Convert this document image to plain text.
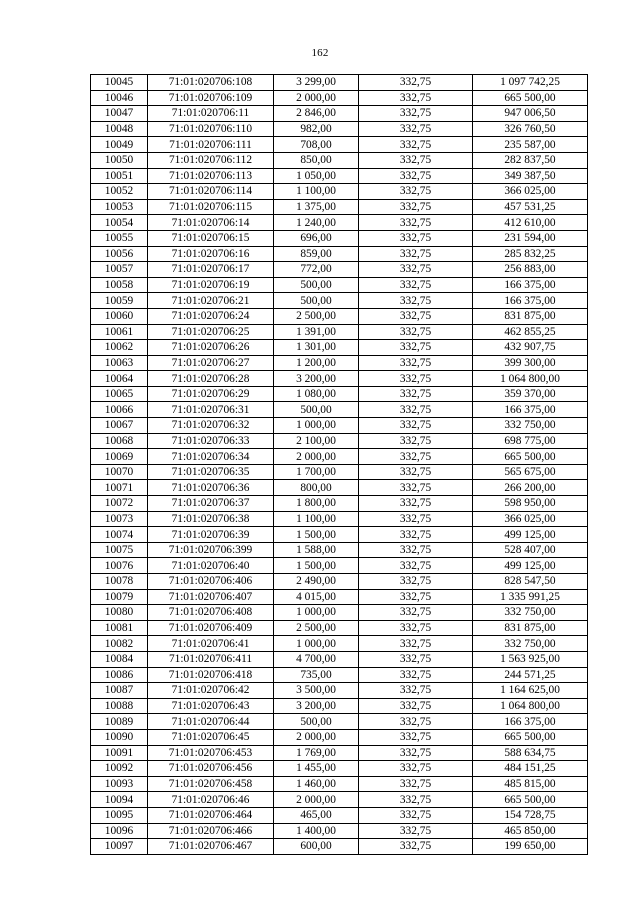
162
10045	71:01:020706:108	3 299,00	332,75	1 097 742,25
10046	71:01:020706:109	2 000,00	332,75	665 500,00
10047	71:01:020706:11	2 846,00	332,75	947 006,50
10048	71:01:020706:110	982,00	332,75	326 760,50
10049	71:01:020706:111	708,00	332,75	235 587,00
10050	71:01:020706:112	850,00	332,75	282 837,50
10051	71:01:020706:113	1 050,00	332,75	349 387,50
10052	71:01:020706:114	1 100,00	332,75	366 025,00
10053	71:01:020706:115	1 375,00	332,75	457 531,25
10054	71:01:020706:14	1 240,00	332,75	412 610,00
10055	71:01:020706:15	696,00	332,75	231 594,00
10056	71:01:020706:16	859,00	332,75	285 832,25
10057	71:01:020706:17	772,00	332,75	256 883,00
10058	71:01:020706:19	500,00	332,75	166 375,00
10059	71:01:020706:21	500,00	332,75	166 375,00
10060	71:01:020706:24	2 500,00	332,75	831 875,00
10061	71:01:020706:25	1 391,00	332,75	462 855,25
10062	71:01:020706:26	1 301,00	332,75	432 907,75
10063	71:01:020706:27	1 200,00	332,75	399 300,00
10064	71:01:020706:28	3 200,00	332,75	1 064 800,00
10065	71:01:020706:29	1 080,00	332,75	359 370,00
10066	71:01:020706:31	500,00	332,75	166 375,00
10067	71:01:020706:32	1 000,00	332,75	332 750,00
10068	71:01:020706:33	2 100,00	332,75	698 775,00
10069	71:01:020706:34	2 000,00	332,75	665 500,00
10070	71:01:020706:35	1 700,00	332,75	565 675,00
10071	71:01:020706:36	800,00	332,75	266 200,00
10072	71:01:020706:37	1 800,00	332,75	598 950,00
10073	71:01:020706:38	1 100,00	332,75	366 025,00
10074	71:01:020706:39	1 500,00	332,75	499 125,00
10075	71:01:020706:399	1 588,00	332,75	528 407,00
10076	71:01:020706:40	1 500,00	332,75	499 125,00
10078	71:01:020706:406	2 490,00	332,75	828 547,50
10079	71:01:020706:407	4 015,00	332,75	1 335 991,25
10080	71:01:020706:408	1 000,00	332,75	332 750,00
10081	71:01:020706:409	2 500,00	332,75	831 875,00
10082	71:01:020706:41	1 000,00	332,75	332 750,00
10084	71:01:020706:411	4 700,00	332,75	1 563 925,00
10086	71:01:020706:418	735,00	332,75	244 571,25
10087	71:01:020706:42	3 500,00	332,75	1 164 625,00
10088	71:01:020706:43	3 200,00	332,75	1 064 800,00
10089	71:01:020706:44	500,00	332,75	166 375,00
10090	71:01:020706:45	2 000,00	332,75	665 500,00
10091	71:01:020706:453	1 769,00	332,75	588 634,75
10092	71:01:020706:456	1 455,00	332,75	484 151,25
10093	71:01:020706:458	1 460,00	332,75	485 815,00
10094	71:01:020706:46	2 000,00	332,75	665 500,00
10095	71:01:020706:464	465,00	332,75	154 728,75
10096	71:01:020706:466	1 400,00	332,75	465 850,00
10097	71:01:020706:467	600,00	332,75	199 650,00
